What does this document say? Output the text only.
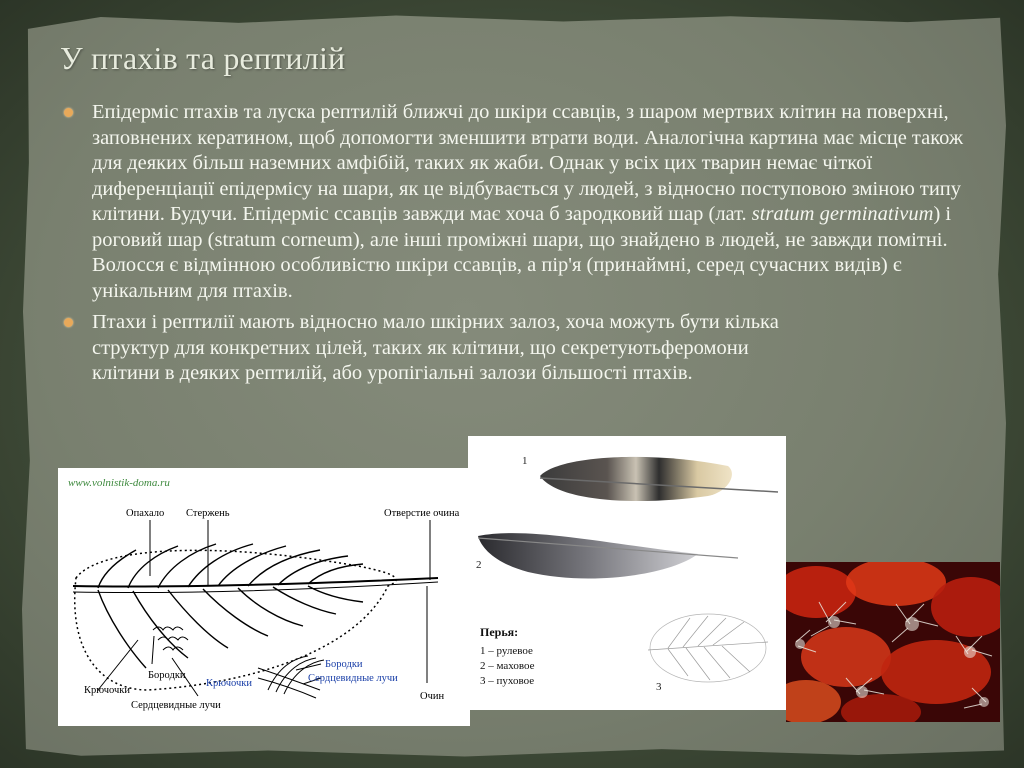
У птахів та рептилій
Епідерміс птахів та луска рептилій ближчі до шкіри ссавців, з шаром мертвих клітин на поверхні, заповнених кератином, щоб допомогти зменшити втрати води. Аналогічна картина має місце також для деяких більш наземних амфібій, таких як жаби. Однак у всіх цих тварин немає чіткої диференціації епідермісу на шари, як це відбувається у людей, з відносно поступовою зміною типу клітини. Будучи. Епідерміс ссавців завжди має хоча б зародковий шар (лат. stratum germinativum) і роговий шар (stratum corneum), але інші проміжні шари, що знайдено в людей, не завжди помітні. Волосся є відмінною особливістю шкіри ссавців, а пір'я (принаймні, серед сучасних видів) є унікальним для птахів.
Птахи і рептилії мають відносно мало шкірних залоз, хоча можуть бути кілька структур для конкретних цілей, таких як клітини, що секретуютьферомони клітини в деяких рептилій, або уропігіальні залози більшості птахів.
www.volnistik-doma.ru
Опахало Стержень	Отверстие очина
Бородки
Крючочки
Сердцевидные лучи
Очин
Бородки
Сердцевидные лучи
Крючочки
1
2
3
Перья:
1 – рулевое
2 – маховое
3 – пуховое
